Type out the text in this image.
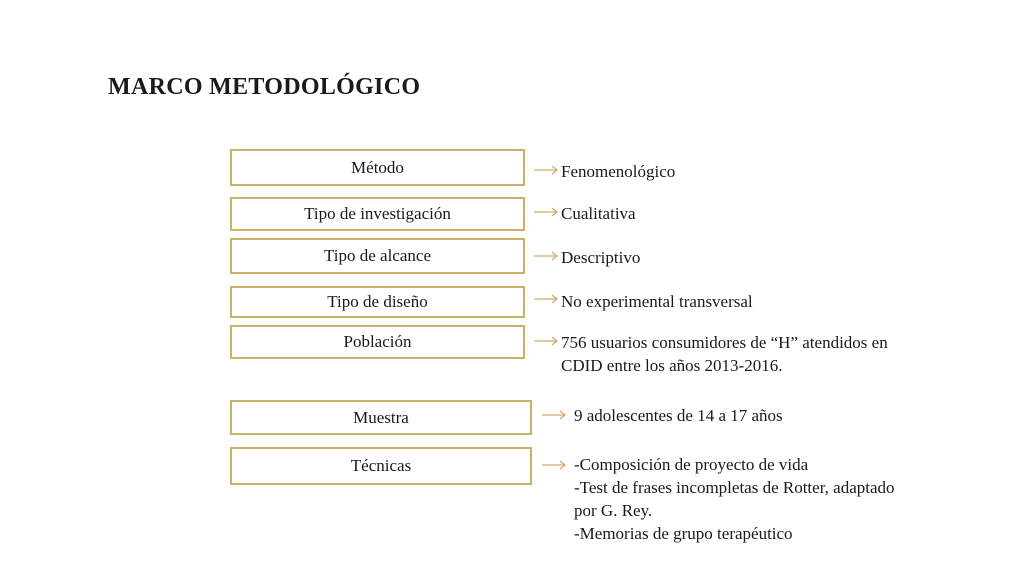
MARCO METODOLÓGICO
Método	Fenomenológico
Tipo de investigación	Cualitativa
Tipo de alcance	Descriptivo
Tipo de diseño	No experimental transversal
Población	756 usuarios consumidores de “H” atendidos en
CDID entre los años 2013-2016.
Muestra	9 adolescentes de 14 a 17 años
Técnicas	-Composición de proyecto de vida
-Test de frases incompletas de Rotter, adaptado
por G. Rey.
-Memorias de grupo terapéutico
